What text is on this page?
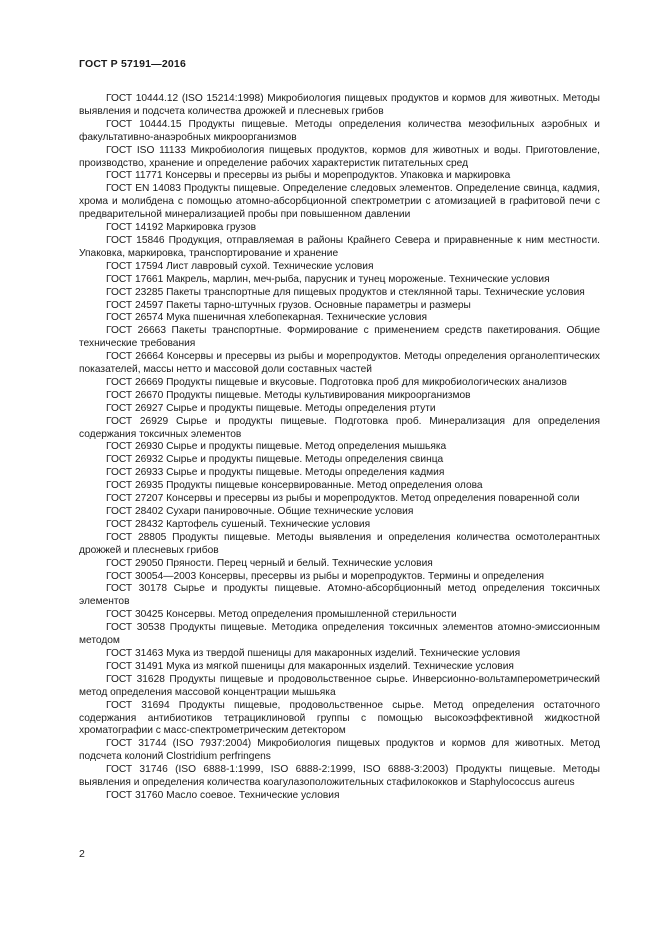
ГОСТ Р 57191—2016

ГОСТ 10444.12 (ISO 15214:1998) Микробиология пищевых продуктов и кормов для животных. Методы выявления и подсчета количества дрожжей и плесневых грибов

ГОСТ 10444.15 Продукты пищевые. Методы определения количества мезофильных аэробных и факультативно-анаэробных микроорганизмов

ГОСТ ISO 11133 Микробиология пищевых продуктов, кормов для животных и воды. Приготовление, производство, хранение и определение рабочих характеристик питательных сред

ГОСТ 11771 Консервы и пресервы из рыбы и морепродуктов. Упаковка и маркировка

ГОСТ EN 14083 Продукты пищевые. Определение следовых элементов. Определение свинца, кадмия, хрома и молибдена с помощью атомно-абсорбционной спектрометрии с атомизацией в графитовой печи с предварительной минерализацией пробы при повышенном давлении

ГОСТ 14192 Маркировка грузов

ГОСТ 15846 Продукция, отправляемая в районы Крайнего Севера и приравненные к ним местности. Упаковка, маркировка, транспортирование и хранение

ГОСТ 17594 Лист лавровый сухой. Технические условия

ГОСТ 17661 Макрель, марлин, меч-рыба, парусник и тунец мороженые. Технические условия

ГОСТ 23285 Пакеты транспортные для пищевых продуктов и стеклянной тары. Технические условия

ГОСТ 24597 Пакеты тарно-штучных грузов. Основные параметры и размеры

ГОСТ 26574 Мука пшеничная хлебопекарная. Технические условия

ГОСТ 26663 Пакеты транспортные. Формирование с применением средств пакетирования. Общие технические требования

ГОСТ 26664 Консервы и пресервы из рыбы и морепродуктов. Методы определения органолептических показателей, массы нетто и массовой доли составных частей

ГОСТ 26669 Продукты пищевые и вкусовые. Подготовка проб для микробиологических анализов

ГОСТ 26670 Продукты пищевые. Методы культивирования микроорганизмов

ГОСТ 26927 Сырье и продукты пищевые. Методы определения ртути

ГОСТ 26929 Сырье и продукты пищевые. Подготовка проб. Минерализация для определения содержания токсичных элементов

ГОСТ 26930 Сырье и продукты пищевые. Метод определения мышьяка

ГОСТ 26932 Сырье и продукты пищевые. Методы определения свинца

ГОСТ 26933 Сырье и продукты пищевые. Методы определения кадмия

ГОСТ 26935 Продукты пищевые консервированные. Метод определения олова

ГОСТ 27207 Консервы и пресервы из рыбы и морепродуктов. Метод определения поваренной соли

ГОСТ 28402 Сухари панировочные. Общие технические условия

ГОСТ 28432 Картофель сушеный. Технические условия

ГОСТ 28805 Продукты пищевые. Методы выявления и определения количества осмотолерантных дрожжей и плесневых грибов

ГОСТ 29050 Пряности. Перец черный и белый. Технические условия

ГОСТ 30054—2003 Консервы, пресервы из рыбы и морепродуктов. Термины и определения

ГОСТ 30178 Сырье и продукты пищевые. Атомно-абсорбционный метод определения токсичных элементов

ГОСТ 30425 Консервы. Метод определения промышленной стерильности

ГОСТ 30538 Продукты пищевые. Методика определения токсичных элементов атомно-эмиссионным методом

ГОСТ 31463 Мука из твердой пшеницы для макаронных изделий. Технические условия

ГОСТ 31491 Мука из мягкой пшеницы для макаронных изделий. Технические условия

ГОСТ 31628 Продукты пищевые и продовольственное сырье. Инверсионно-вольтамперометрический метод определения массовой концентрации мышьяка

ГОСТ 31694 Продукты пищевые, продовольственное сырье. Метод определения остаточного содержания антибиотиков тетрациклиновой группы с помощью высокоэффективной жидкостной хроматографии с масс-спектрометрическим детектором

ГОСТ 31744 (ISO 7937:2004) Микробиология пищевых продуктов и кормов для животных. Метод подсчета колоний Clostridium perfringens

ГОСТ 31746 (ISO 6888-1:1999, ISO 6888-2:1999, ISO 6888-3:2003) Продукты пищевые. Методы выявления и определения количества коагулазоположительных стафилококков и Staphylococcus aureus

ГОСТ 31760 Масло соевое. Технические условия

2
